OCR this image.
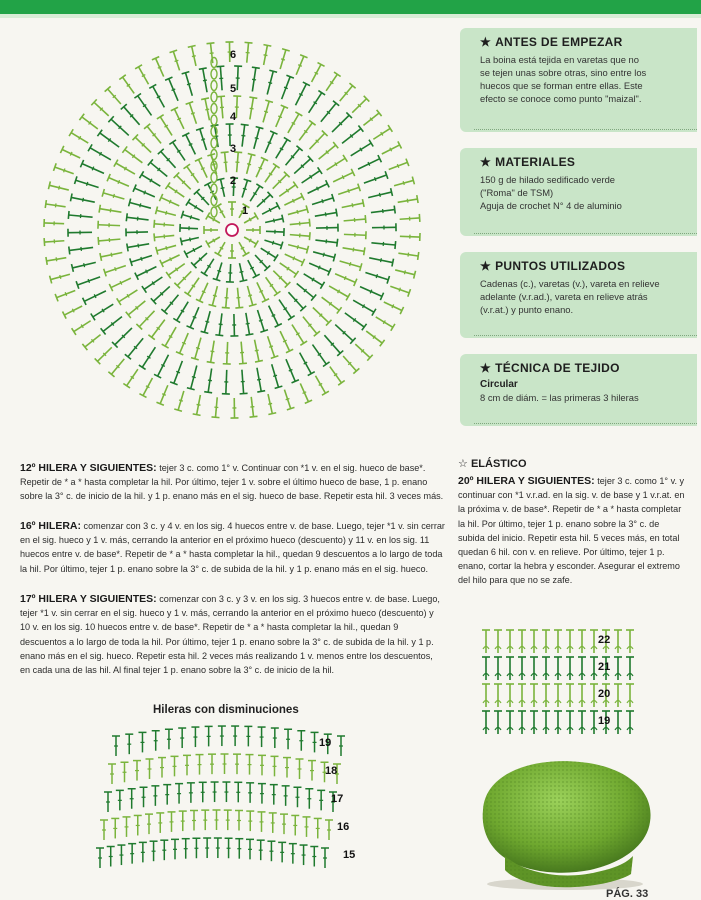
1
2
3
4
5
6
★ ANTES DE EMPEZAR
La boina está tejida en varetas que no
se tejen unas sobre otras, sino entre los
huecos que se forman entre ellas. Este
efecto se conoce como punto "maizal".
★ MATERIALES
150 g de hilado sedificado verde
("Roma" de TSM)
Aguja de crochet N° 4 de aluminio
★ PUNTOS UTILIZADOS
Cadenas (c.), varetas (v.), vareta en relieve
adelante (v.r.ad.), vareta en relieve atrás
(v.r.at.) y punto enano.
★ TÉCNICA DE TEJIDO
Circular
8 cm de diám. = las primeras 3 hileras
12º HILERA Y SIGUIENTES: tejer 3 c. como 1° v. Continuar con *1 v. en el sig. hueco de base*. Repetir de * a * hasta completar la hil. Por último, tejer 1 v. sobre el último hueco de base, 1 p. enano sobre la 3° c. de inicio de la hil. y 1 p. enano más en el sig. hueco de base. Repetir esta hil. 3 veces más.
16º HILERA: comenzar con 3 c. y 4 v. en los sig. 4 huecos entre v. de base. Luego, tejer *1 v. sin cerrar en el sig. hueco y 1 v. más, cerrando la anterior en el próximo hueco (descuento) y 11 v. en los sig. 11 huecos entre v. de base*. Repetir de * a * hasta completar la hil., quedan 9 descuentos a lo largo de toda la hil. Por último, tejer 1 p. enano sobre la 3° c. de subida de la hil. y 1 p. enano más en el sig. hueco.
17º HILERA Y SIGUIENTES: comenzar con 3 c. y 3 v. en los sig. 3 huecos entre v. de base. Luego, tejer *1 v. sin cerrar en el sig. hueco y 1 v. más, cerrando la anterior en el próximo hueco (descuento) y 10 v. en los sig. 10 huecos entre v. de base*. Repetir de * a * hasta completar la hil., quedan 9 descuentos a lo largo de toda la hil. Por último, tejer 1 p. enano sobre la 3° c. de subida de la hil. y 1 p. enano más en el sig. hueco. Repetir esta hil. 2 veces más realizando 1 v. menos entre los descuentos, en cada una de las hil. Al final tejer 1 p. enano sobre la 3° c. de inicio de la hil.
☆ ELÁSTICO
20º HILERA Y SIGUIENTES: tejer 3 c. como 1° v. y continuar con *1 v.r.ad. en la sig. v. de base y 1 v.r.at. en la próxima v. de base*. Repetir de * a * hasta completar la hil. Por último, tejer 1 p. enano sobre la 3° c. de subida del inicio. Repetir esta hil. 5 veces más, en total quedan 6 hil. con v. en relieve. Por último, tejer 1 p. enano, cortar la hebra y esconder. Asegurar el extremo del hilo para que no se zafe.
19
20
21
22
Hileras con disminuciones
15
16
17
18
19
PÁG. 33
